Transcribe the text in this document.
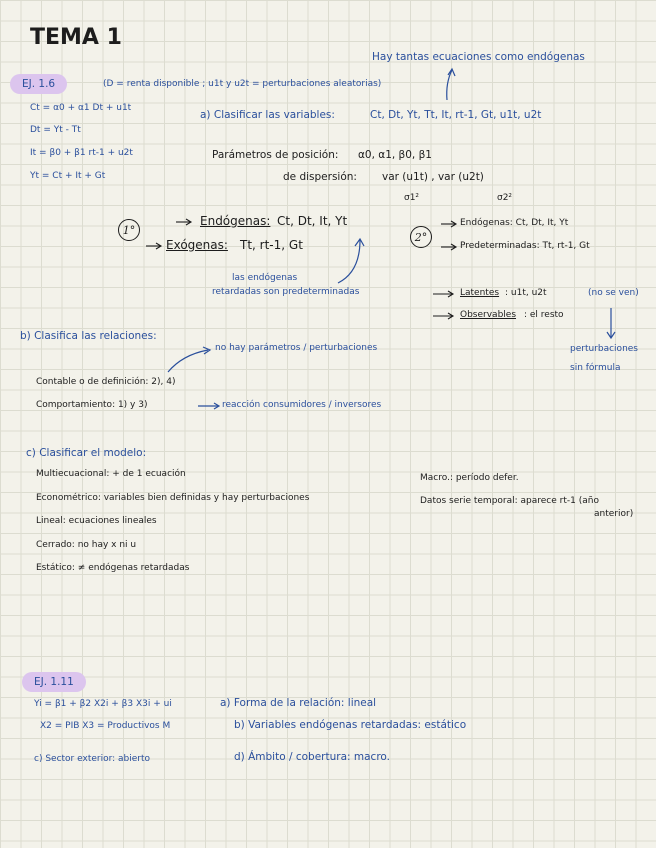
TEMA 1
Hay tantas ecuaciones como endógenas
EJ. 1.6	(D = renta disponible ; u1t y u2t = perturbaciones aleatorias)
Ct = α0 + α1 Dt + u1t
Dt = Yt - Tt
It = β0 + β1 rt-1 + u2t
Yt = Ct + It + Gt
a) Clasificar las variables:	Ct, Dt, Yt, Tt, It, rt-1, Gt, u1t, u2t
Parámetros de posición: α0, α1, β0, β1
de dispersión: var (u1t) , var (u2t)
σ1²	σ2²
1°
Endógenas: Ct, Dt, It, Yt
Exógenas: Tt, rt-1, Gt
las endógenas
retardadas son predeterminadas
2°
Endógenas: Ct, Dt, It, Yt
Predeterminadas: Tt, rt-1, Gt
Latentes : u1t, u2t	(no se ven)
Observables : el resto
perturbaciones
sin fórmula
b) Clasifica las relaciones:
no hay parámetros / perturbaciones
Contable o de definición: 2), 4)
Comportamiento: 1) y 3)	reacción consumidores / inversores
c) Clasificar el modelo:
Multiecuacional: + de 1 ecuación
Econométrico: variables bien definidas y hay perturbaciones
Lineal: ecuaciones lineales
Cerrado: no hay x ni u
Estático: ≠ endógenas retardadas
Macro.: período defer.
Datos serie temporal: aparece rt-1 (año
anterior)
EJ. 1.11
Yi = β1 + β2 X2i + β3 X3i + ui
X2 = PIB X3 = Productivos M
c) Sector exterior: abierto
a) Forma de la relación: lineal
b) Variables endógenas retardadas: estático
d) Ámbito / cobertura: macro.
